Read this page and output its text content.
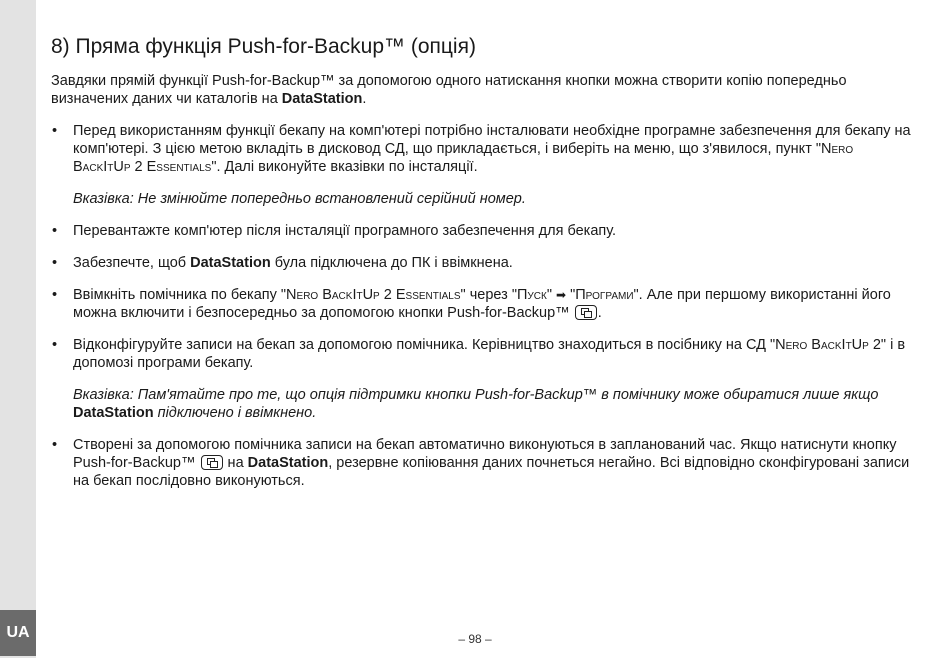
UA
8) Пряма функція Push-for-Backup™ (опція)

Завдяки прямій функції Push-for-Backup™ за допомогою одного натискання кнопки можна створити копію попередньо визначених даних чи каталогів на DataStation.

• Перед використанням функції бекапу на комп'ютері потрібно інсталювати необхідне програмне забезпечення для бекапу на комп'ютері. З цією метою вкладіть в дисковод СД, що прикладається, і виберіть на меню, що з'явилося, пункт "Nero BackItUp 2 Essentials". Далі виконуйте вказівки по інсталяції.
Вказівка: Не змінюйте попередньо встановлений серійний номер.
• Перевантажте комп'ютер після інсталяції програмного забезпечення для бекапу.
• Забезпечте, щоб DataStation була підключена до ПК і ввімкнена.
• Ввімкніть помічника по бекапу "Nero BackItUp 2 Essentials" через "Пуск" ➡ "Програми". Але при першому використанні його можна включити і безпосередньо за допомогою кнопки Push-for-Backup™ .
• Відконфігуруйте записи на бекап за допомогою помічника. Керівництво знаходиться в посібнику на СД "Nero BackItUp 2" і в допомозі програми бекапу.
Вказівка: Пам'ятайте про те, що опція підтримки кнопки Push-for-Backup™ в помічнику може обиратися лише якщо DataStation підключено і ввімкнено.
• Створені за допомогою помічника записи на бекап автоматично виконуються в запланований час. Якщо натиснути кнопку Push-for-Backup™  на DataStation, резервне копіювання даних почнеться негайно. Всі відповідно сконфігуровані записи на бекап послідовно виконуються.
– 98 –
